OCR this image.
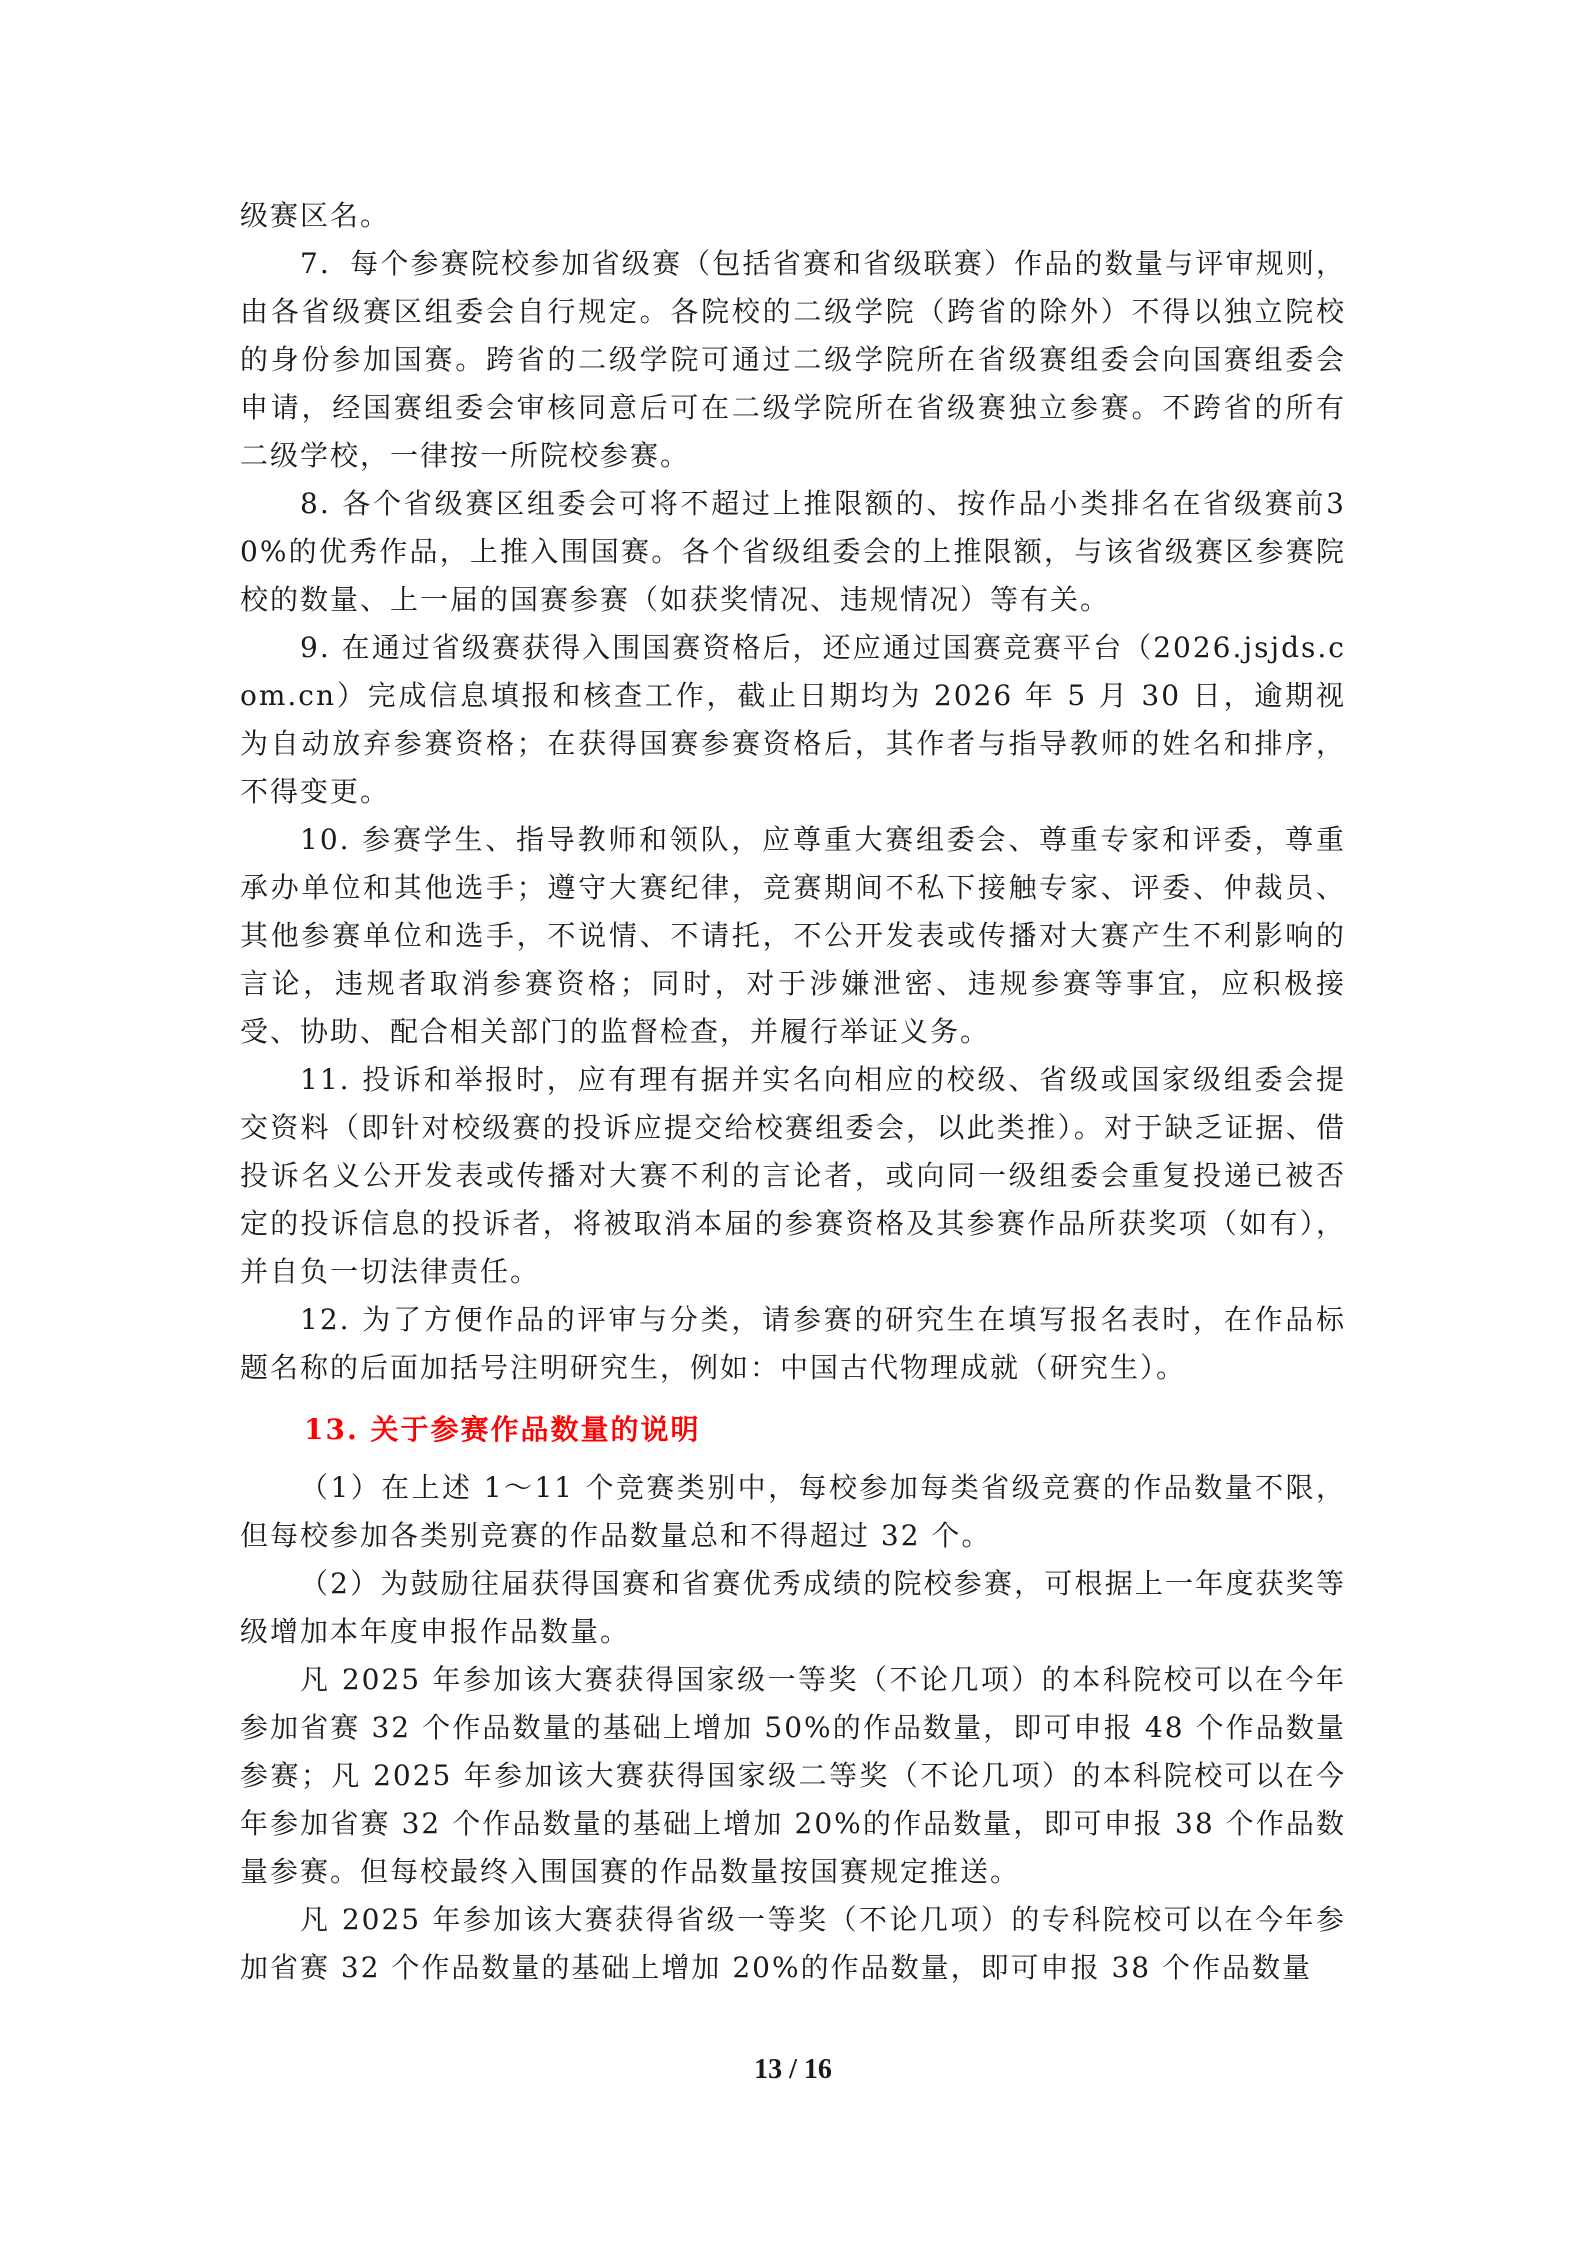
级赛区名。

7．每个参赛院校参加省级赛（包括省赛和省级联赛）作品的数量与评审规则， 由各省级赛区组委会自行规定。各院校的二级学院（跨省的除外）不得以独立院校的身份参加国赛。跨省的二级学院可通过二级学院所在省级赛组委会向国赛组委会申请，经国赛组委会审核同意后可在二级学院所在省级赛独立参赛。不跨省的所有二级学校，一律按一所院校参赛。

8. 各个省级赛区组委会可将不超过上推限额的、按作品小类排名在省级赛前30%的优秀作品，上推入围国赛。各个省级组委会的上推限额，与该省级赛区参赛院校的数量、上一届的国赛参赛（如获奖情况、违规情况）等有关。

9. 在通过省级赛获得入围国赛资格后，还应通过国赛竞赛平台（2026.jsjds.com.cn）完成信息填报和核查工作，截止日期均为 2026 年 5 月 30 日，逾期视为自动放弃参赛资格；在获得国赛参赛资格后，其作者与指导教师的姓名和排序，不得变更。

10. 参赛学生、指导教师和领队，应尊重大赛组委会、尊重专家和评委，尊重承办单位和其他选手；遵守大赛纪律，竞赛期间不私下接触专家、评委、仲裁员、 其他参赛单位和选手，不说情、不请托，不公开发表或传播对大赛产生不利影响的言论，违规者取消参赛资格；同时，对于涉嫌泄密、违规参赛等事宜，应积极接受、协助、配合相关部门的监督检查，并履行举证义务。

11. 投诉和举报时，应有理有据并实名向相应的校级、省级或国家级组委会提交资料（即针对校级赛的投诉应提交给校赛组委会，以此类推）。对于缺乏证据、借投诉名义公开发表或传播对大赛不利的言论者，或向同一级组委会重复投递已被否定的投诉信息的投诉者，将被取消本届的参赛资格及其参赛作品所获奖项（如有），并自负一切法律责任。

12. 为了方便作品的评审与分类，请参赛的研究生在填写报名表时，在作品标题名称的后面加括号注明研究生，例如：中国古代物理成就（研究生）。

13. 关于参赛作品数量的说明

（1）在上述 1～11 个竞赛类别中，每校参加每类省级竞赛的作品数量不限，但每校参加各类别竞赛的作品数量总和不得超过 32 个。

（2）为鼓励往届获得国赛和省赛优秀成绩的院校参赛，可根据上一年度获奖等级增加本年度申报作品数量。

凡 2025 年参加该大赛获得国家级一等奖（不论几项）的本科院校可以在今年参加省赛 32 个作品数量的基础上增加 50%的作品数量，即可申报 48 个作品数量参赛；凡 2025 年参加该大赛获得国家级二等奖（不论几项）的本科院校可以在今年参加省赛 32 个作品数量的基础上增加 20%的作品数量，即可申报 38 个作品数量参赛。但每校最终入围国赛的作品数量按国赛规定推送。

凡 2025 年参加该大赛获得省级一等奖（不论几项）的专科院校可以在今年参加省赛 32 个作品数量的基础上增加 20%的作品数量，即可申报 38 个作品数量

13 / 16
